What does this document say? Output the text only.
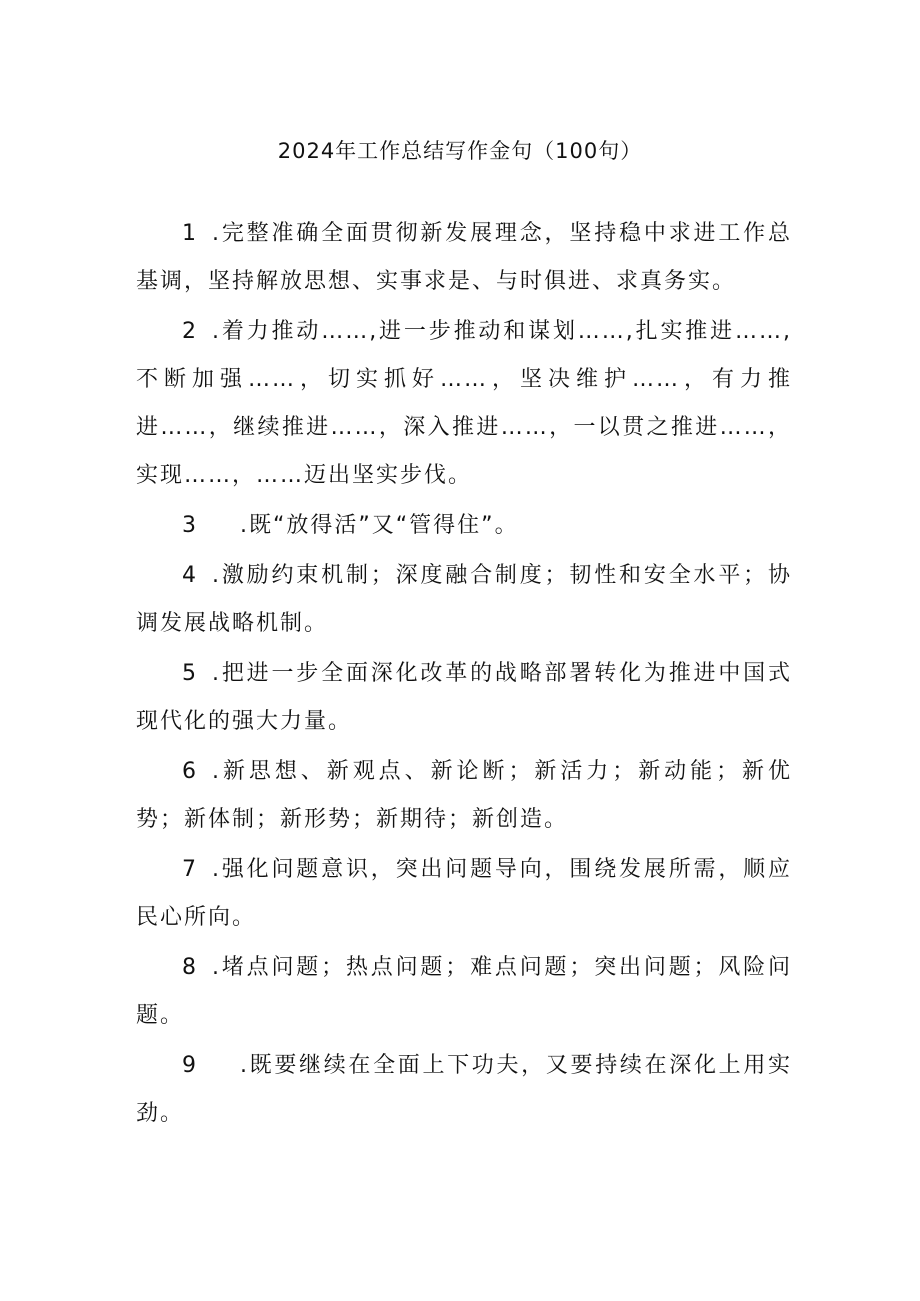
2024年工作总结写作金句（100句）

1 .完整准确全面贯彻新发展理念，坚持稳中求进工作总基调，坚持解放思想、实事求是、与时俱进、求真务实。

2 .着力推动……,进一步推动和谋划……,扎实推进……,不断加强……，切实抓好……，坚决维护……，有力推进……，继续推进……，深入推进……，一以贯之推进……，实现……，……迈出坚实步伐。

3 .既“放得活”又“管得住”。

4 .激励约束机制；深度融合制度；韧性和安全水平；协调发展战略机制。

5 .把进一步全面深化改革的战略部署转化为推进中国式现代化的强大力量。

6 .新思想、新观点、新论断；新活力；新动能；新优势；新体制；新形势；新期待；新创造。

7 .强化问题意识，突出问题导向，围绕发展所需，顺应民心所向。

8 .堵点问题；热点问题；难点问题；突出问题；风险问题。

9 .既要继续在全面上下功夫，又要持续在深化上用实劲。
